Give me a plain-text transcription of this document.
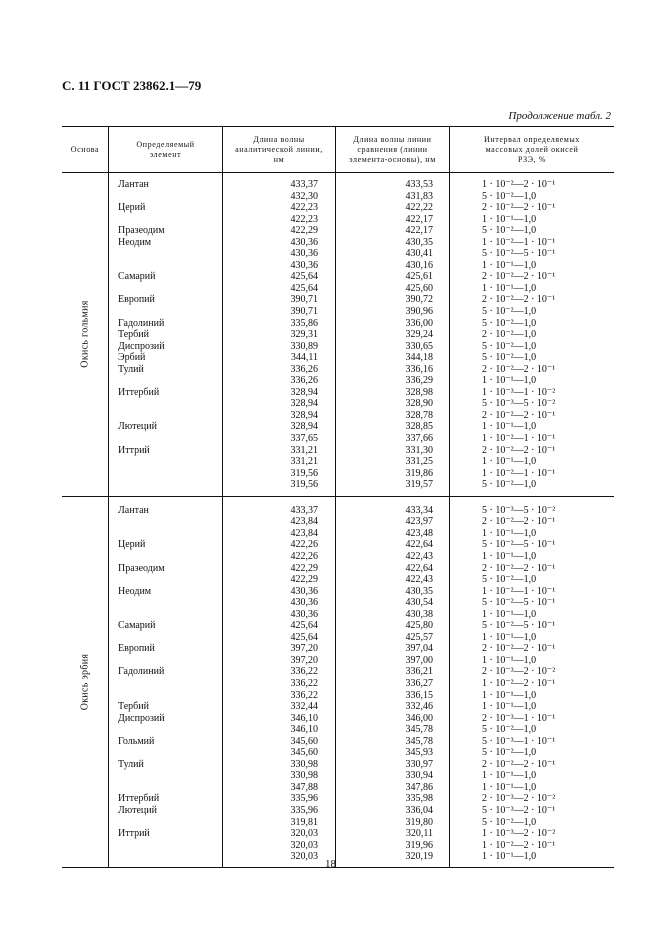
С. 11 ГОСТ 23862.1—79
Продолжение табл. 2
Основа
Определяемый
элемент
Длина волны
аналитической линии,
нм
Длина волны линии
сравнения (линии
элемента-основы), нм
Интервал определяемых
массовых долей окисей
РЗЭ, %
Окись гольмия
Лантан	433,37	433,53	1 · 10⁻²—2 · 10⁻¹
432,30	431,83	5 · 10⁻²—1,0
Церий	422,23	422,22	2 · 10⁻²—2 · 10⁻¹
422,23	422,17	1 · 10⁻¹—1,0
Празеодим	422,29	422,17	5 · 10⁻²—1,0
Неодим	430,36	430,35	1 · 10⁻²—1 · 10⁻¹
430,36	430,41	5 · 10⁻²—5 · 10⁻¹
430,36	430,16	1 · 10⁻¹—1,0
Самарий	425,64	425,61	2 · 10⁻²—2 · 10⁻¹
425,64	425,60	1 · 10⁻¹—1,0
Европий	390,71	390,72	2 · 10⁻²—2 · 10⁻¹
390,71	390,96	5 · 10⁻²—1,0
Гадолиний	335,86	336,00	5 · 10⁻²—1,0
Тербий	329,31	329,24	2 · 10⁻²—1,0
Диспрозий	330,89	330,65	5 · 10⁻²—1,0
Эрбий	344,11	344,18	5 · 10⁻²—1,0
Тулий	336,26	336,16	2 · 10⁻²—2 · 10⁻¹
336,26	336,29	1 · 10⁻¹—1,0
Иттербий	328,94	328,98	1 · 10⁻³—1 · 10⁻²
328,94	328,90	5 · 10⁻³—5 · 10⁻²
328,94	328,78	2 · 10⁻²—2 · 10⁻¹
Лютеций	328,94	328,85	1 · 10⁻¹—1,0
337,65	337,66	1 · 10⁻²—1 · 10⁻¹
Иттрий	331,21	331,30	2 · 10⁻²—2 · 10⁻¹
331,21	331,25	1 · 10⁻¹—1,0
319,56	319,86	1 · 10⁻²—1 · 10⁻¹
319,56	319,57	5 · 10⁻²—1,0
Окись эрбия
Лантан	433,37	433,34	5 · 10⁻³—5 · 10⁻²
423,84	423,97	2 · 10⁻²—2 · 10⁻¹
423,84	423,48	1 · 10⁻¹—1,0
Церий	422,26	422,64	5 · 10⁻²—5 · 10⁻¹
422,26	422,43	1 · 10⁻¹—1,0
Празеодим	422,29	422,64	2 · 10⁻²—2 · 10⁻¹
422,29	422,43	5 · 10⁻²—1,0
Неодим	430,36	430,35	1 · 10⁻²—1 · 10⁻¹
430,36	430,54	5 · 10⁻²—5 · 10⁻¹
430,36	430,38	1 · 10⁻¹—1,0
Самарий	425,64	425,80	5 · 10⁻²—5 · 10⁻¹
425,64	425,57	1 · 10⁻¹—1,0
Европий	397,20	397,04	2 · 10⁻²—2 · 10⁻¹
397,20	397,00	1 · 10⁻¹—1,0
Гадолиний	336,22	336,21	2 · 10⁻³—2 · 10⁻²
336,22	336,27	1 · 10⁻²—2 · 10⁻¹
336,22	336,15	1 · 10⁻¹—1,0
Тербий	332,44	332,46	1 · 10⁻¹—1,0
Диспрозий	346,10	346,00	2 · 10⁻³—1 · 10⁻¹
346,10	345,78	5 · 10⁻²—1,0
Гольмий	345,60	345,78	5 · 10⁻³—1 · 10⁻¹
345,60	345,93	5 · 10⁻²—1,0
Тулий	330,98	330,97	2 · 10⁻²—2 · 10⁻¹
330,98	330,94	1 · 10⁻¹—1,0
347,88	347,86	1 · 10⁻¹—1,0
Иттербий	335,96	335,98	2 · 10⁻³—2 · 10⁻²
Лютеций	335,96	336,04	5 · 10⁻³—2 · 10⁻¹
319,81	319,80	5 · 10⁻²—1,0
Иттрий	320,03	320,11	1 · 10⁻³—2 · 10⁻²
320,03	319,96	1 · 10⁻²—2 · 10⁻¹
320,03	320,19	1 · 10⁻¹—1,0
18
